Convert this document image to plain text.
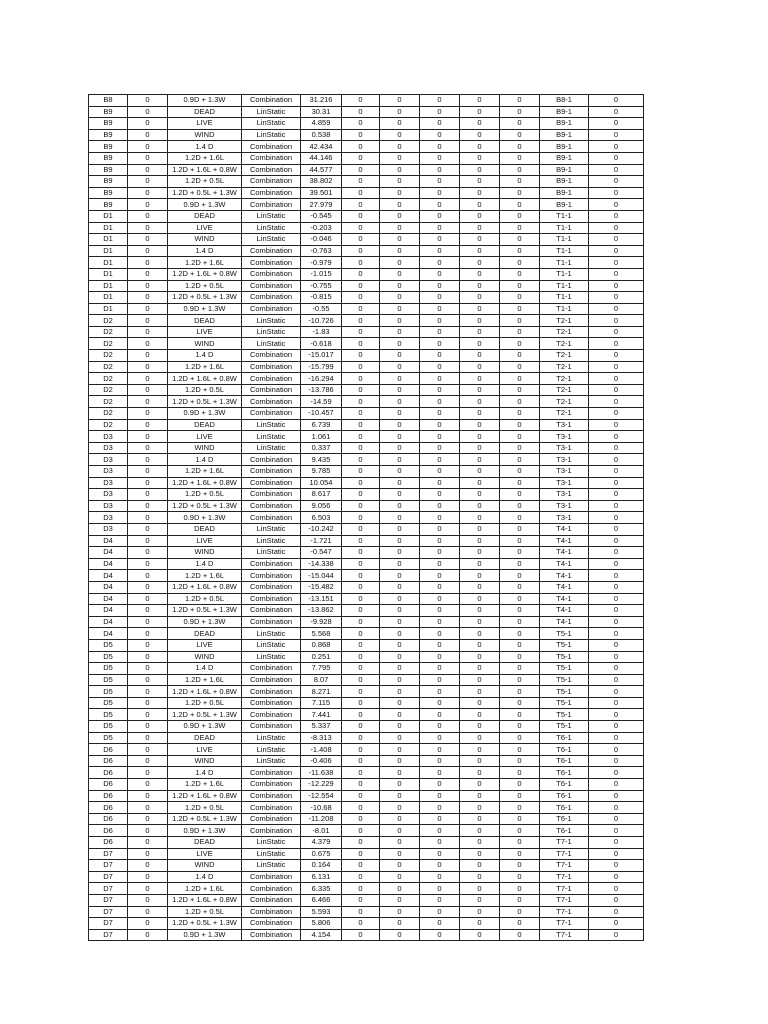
B8	0	0.9D + 1.3W	Combination	31.216	0	0	0	0	0	B8-1	0
B9	0	DEAD	LinStatic	30.31	0	0	0	0	0	B9-1	0
B9	0	LIVE	LinStatic	4.859	0	0	0	0	0	B9-1	0
B9	0	WIND	LinStatic	0.538	0	0	0	0	0	B9-1	0
B9	0	1.4 D	Combination	42.434	0	0	0	0	0	B9-1	0
B9	0	1.2D + 1.6L	Combination	44.146	0	0	0	0	0	B9-1	0
B9	0	1.2D + 1.6L + 0.8W	Combination	44.577	0	0	0	0	0	B9-1	0
B9	0	1.2D + 0.5L	Combination	38.802	0	0	0	0	0	B9-1	0
B9	0	1.2D + 0.5L + 1.3W	Combination	39.501	0	0	0	0	0	B9-1	0
B9	0	0.9D + 1.3W	Combination	27.979	0	0	0	0	0	B9-1	0
D1	0	DEAD	LinStatic	-0.545	0	0	0	0	0	T1-1	0
D1	0	LIVE	LinStatic	-0.203	0	0	0	0	0	T1-1	0
D1	0	WIND	LinStatic	-0.046	0	0	0	0	0	T1-1	0
D1	0	1.4 D	Combination	-0.763	0	0	0	0	0	T1-1	0
D1	0	1.2D + 1.6L	Combination	-0.979	0	0	0	0	0	T1-1	0
D1	0	1.2D + 1.6L + 0.8W	Combination	-1.015	0	0	0	0	0	T1-1	0
D1	0	1.2D + 0.5L	Combination	-0.755	0	0	0	0	0	T1-1	0
D1	0	1.2D + 0.5L + 1.3W	Combination	-0.815	0	0	0	0	0	T1-1	0
D1	0	0.9D + 1.3W	Combination	-0.55	0	0	0	0	0	T1-1	0
D2	0	DEAD	LinStatic	-10.726	0	0	0	0	0	T2-1	0
D2	0	LIVE	LinStatic	-1.83	0	0	0	0	0	T2-1	0
D2	0	WIND	LinStatic	-0.618	0	0	0	0	0	T2-1	0
D2	0	1.4 D	Combination	-15.017	0	0	0	0	0	T2-1	0
D2	0	1.2D + 1.6L	Combination	-15.799	0	0	0	0	0	T2-1	0
D2	0	1.2D + 1.6L + 0.8W	Combination	-16.294	0	0	0	0	0	T2-1	0
D2	0	1.2D + 0.5L	Combination	-13.786	0	0	0	0	0	T2-1	0
D2	0	1.2D + 0.5L + 1.3W	Combination	-14.59	0	0	0	0	0	T2-1	0
D2	0	0.9D + 1.3W	Combination	-10.457	0	0	0	0	0	T2-1	0
D2	0	DEAD	LinStatic	6.739	0	0	0	0	0	T3-1	0
D3	0	LIVE	LinStatic	1.061	0	0	0	0	0	T3-1	0
D3	0	WIND	LinStatic	0.337	0	0	0	0	0	T3-1	0
D3	0	1.4 D	Combination	9.435	0	0	0	0	0	T3-1	0
D3	0	1.2D + 1.6L	Combination	9.785	0	0	0	0	0	T3-1	0
D3	0	1.2D + 1.6L + 0.8W	Combination	10.054	0	0	0	0	0	T3-1	0
D3	0	1.2D + 0.5L	Combination	8.617	0	0	0	0	0	T3-1	0
D3	0	1.2D + 0.5L + 1.3W	Combination	9.056	0	0	0	0	0	T3-1	0
D3	0	0.9D + 1.3W	Combination	6.503	0	0	0	0	0	T3-1	0
D3	0	DEAD	LinStatic	-10.242	0	0	0	0	0	T4-1	0
D4	0	LIVE	LinStatic	-1.721	0	0	0	0	0	T4-1	0
D4	0	WIND	LinStatic	-0.547	0	0	0	0	0	T4-1	0
D4	0	1.4 D	Combination	-14.338	0	0	0	0	0	T4-1	0
D4	0	1.2D + 1.6L	Combination	-15.044	0	0	0	0	0	T4-1	0
D4	0	1.2D + 1.6L + 0.8W	Combination	-15.482	0	0	0	0	0	T4-1	0
D4	0	1.2D + 0.5L	Combination	-13.151	0	0	0	0	0	T4-1	0
D4	0	1.2D + 0.5L + 1.3W	Combination	-13.862	0	0	0	0	0	T4-1	0
D4	0	0.9D + 1.3W	Combination	-9.928	0	0	0	0	0	T4-1	0
D4	0	DEAD	LinStatic	5.568	0	0	0	0	0	T5-1	0
D5	0	LIVE	LinStatic	0.868	0	0	0	0	0	T5-1	0
D5	0	WIND	LinStatic	0.251	0	0	0	0	0	T5-1	0
D5	0	1.4 D	Combination	7.795	0	0	0	0	0	T5-1	0
D5	0	1.2D + 1.6L	Combination	8.07	0	0	0	0	0	T5-1	0
D5	0	1.2D + 1.6L + 0.8W	Combination	8.271	0	0	0	0	0	T5-1	0
D5	0	1.2D + 0.5L	Combination	7.115	0	0	0	0	0	T5-1	0
D5	0	1.2D + 0.5L + 1.3W	Combination	7.441	0	0	0	0	0	T5-1	0
D5	0	0.9D + 1.3W	Combination	5.337	0	0	0	0	0	T5-1	0
D5	0	DEAD	LinStatic	-8.313	0	0	0	0	0	T6-1	0
D6	0	LIVE	LinStatic	-1.408	0	0	0	0	0	T6-1	0
D6	0	WIND	LinStatic	-0.406	0	0	0	0	0	T6-1	0
D6	0	1.4 D	Combination	-11.638	0	0	0	0	0	T6-1	0
D6	0	1.2D + 1.6L	Combination	-12.229	0	0	0	0	0	T6-1	0
D6	0	1.2D + 1.6L + 0.8W	Combination	-12.554	0	0	0	0	0	T6-1	0
D6	0	1.2D + 0.5L	Combination	-10.68	0	0	0	0	0	T6-1	0
D6	0	1.2D + 0.5L + 1.3W	Combination	-11.208	0	0	0	0	0	T6-1	0
D6	0	0.9D + 1.3W	Combination	-8.01	0	0	0	0	0	T6-1	0
D6	0	DEAD	LinStatic	4.379	0	0	0	0	0	T7-1	0
D7	0	LIVE	LinStatic	0.675	0	0	0	0	0	T7-1	0
D7	0	WIND	LinStatic	0.164	0	0	0	0	0	T7-1	0
D7	0	1.4 D	Combination	6.131	0	0	0	0	0	T7-1	0
D7	0	1.2D + 1.6L	Combination	6.335	0	0	0	0	0	T7-1	0
D7	0	1.2D + 1.6L + 0.8W	Combination	6.466	0	0	0	0	0	T7-1	0
D7	0	1.2D + 0.5L	Combination	5.593	0	0	0	0	0	T7-1	0
D7	0	1.2D + 0.5L + 1.3W	Combination	5.806	0	0	0	0	0	T7-1	0
D7	0	0.9D + 1.3W	Combination	4.154	0	0	0	0	0	T7-1	0
